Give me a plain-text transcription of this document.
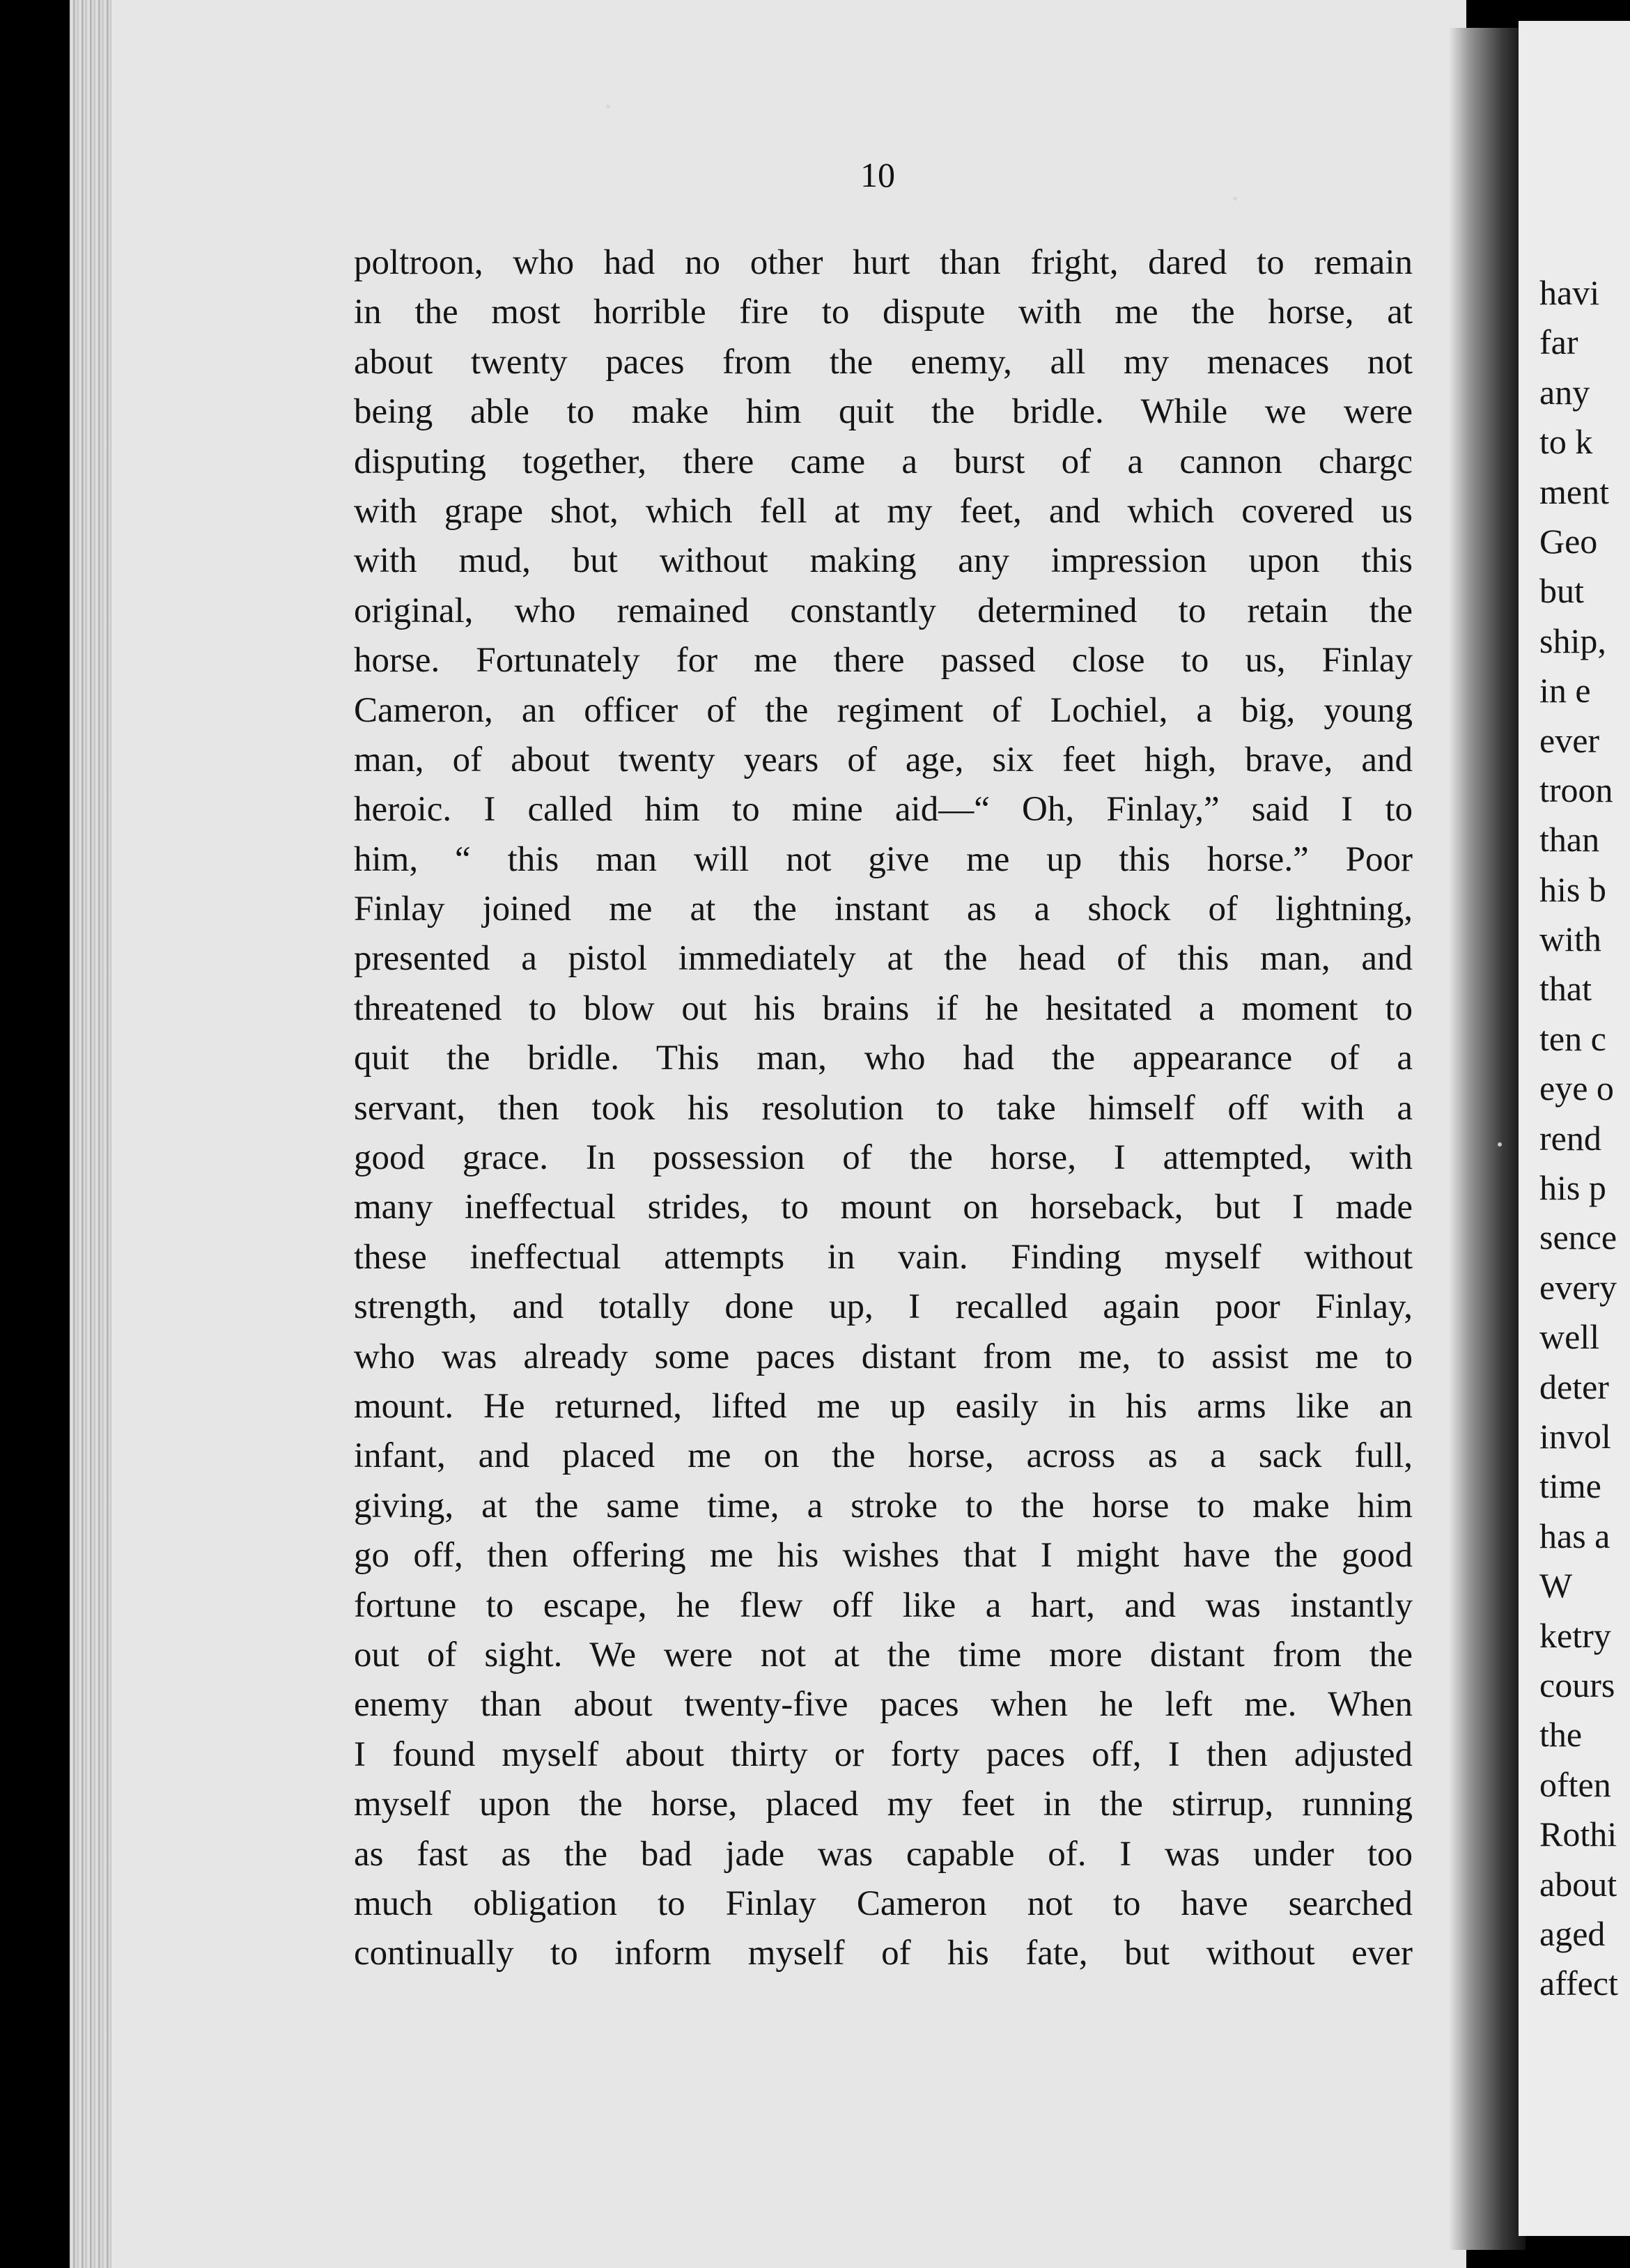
10
poltroon, who had no other hurt than fright, dared to remain
in the most horrible fire to dispute with me the horse, at
about twenty paces from the enemy, all my menaces not
being able to make him quit the bridle. While we were
disputing together, there came a burst of a cannon chargc
with grape shot, which fell at my feet, and which covered us
with mud, but without making any impression upon this
original, who remained constantly determined to retain the
horse. Fortunately for me there passed close to us, Finlay
Cameron, an officer of the regiment of Lochiel, a big, young
man, of about twenty years of age, six feet high, brave, and
heroic. I called him to mine aid—“ Oh, Finlay,” said I to
him, “ this man will not give me up this horse.” Poor
Finlay joined me at the instant as a shock of lightning,
presented a pistol immediately at the head of this man, and
threatened to blow out his brains if he hesitated a moment to
quit the bridle. This man, who had the appearance of a
servant, then took his resolution to take himself off with a
good grace. In possession of the horse, I attempted, with
many ineffectual strides, to mount on horseback, but I made
these ineffectual attempts in vain. Finding myself without
strength, and totally done up, I recalled again poor Finlay,
who was already some paces distant from me, to assist me to
mount. He returned, lifted me up easily in his arms like an
infant, and placed me on the horse, across as a sack full,
giving, at the same time, a stroke to the horse to make him
go off, then offering me his wishes that I might have the good
fortune to escape, he flew off like a hart, and was instantly
out of sight. We were not at the time more distant from the
enemy than about twenty-five paces when he left me. When
I found myself about thirty or forty paces off, I then adjusted
myself upon the horse, placed my feet in the stirrup, running
as fast as the bad jade was capable of. I was under too
much obligation to Finlay Cameron not to have searched
continually to inform myself of his fate, but without ever
havi
far
any
to k
ment
Geo
but
ship,
in e
ever
troon
than
his b
with
that
ten c
eye o
rend
his p
sence
every
well
deter
invol
time
has a
W
ketry
cours
the
often
Rothi
about
aged
affect
